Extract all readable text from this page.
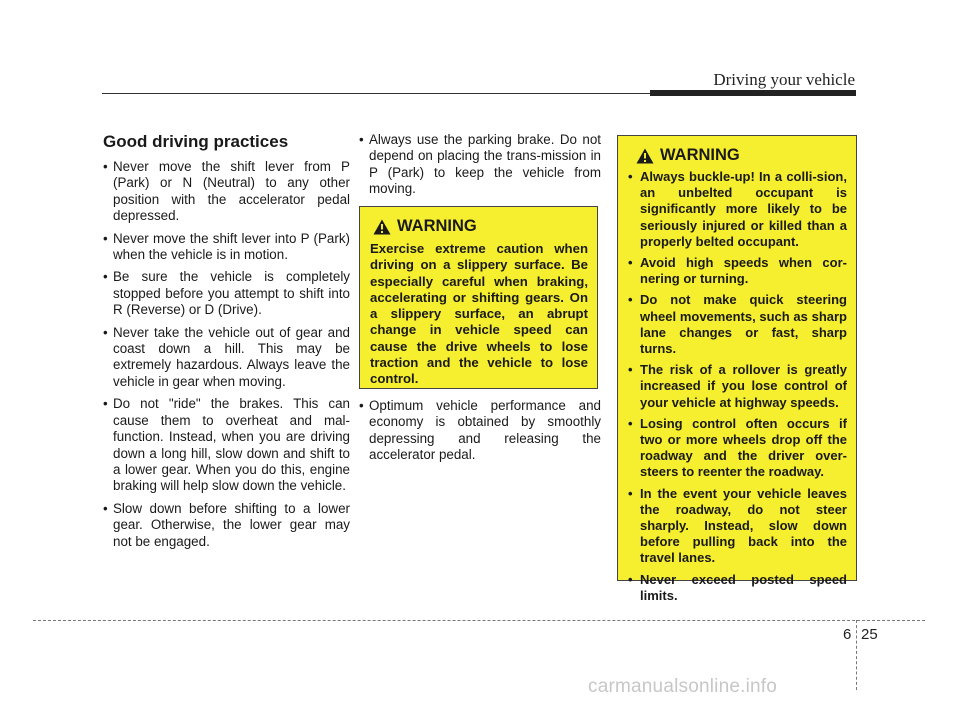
Driving your vehicle
Good driving practices
• Never move the shift lever from P (Park) or N (Neutral) to any other position with the accelerator pedal depressed.
• Never move the shift lever into P (Park) when the vehicle is in motion.
• Be sure the vehicle is completely stopped before you attempt to shift into R (Reverse) or D (Drive).
• Never take the vehicle out of gear and coast down a hill. This may be extremely hazardous. Always leave the vehicle in gear when moving.
• Do not "ride" the brakes. This can cause them to overheat and mal-function. Instead, when you are driving down a long hill, slow down and shift to a lower gear. When you do this, engine braking will help slow down the vehicle.
• Slow down before shifting to a lower gear. Otherwise, the lower gear may not be engaged.
• Always use the parking brake. Do not depend on placing the trans-mission in P (Park) to keep the vehicle from moving.
WARNING
Exercise extreme caution when driving on a slippery surface. Be especially careful when braking, accelerating or shifting gears. On a slippery surface, an abrupt change in vehicle speed can cause the drive wheels to lose traction and the vehicle to lose control.
• Optimum vehicle performance and economy is obtained by smoothly depressing and releasing the accelerator pedal.
WARNING
• Always buckle-up! In a colli-sion, an unbelted occupant is significantly more likely to be seriously injured or killed than a properly belted occupant.
• Avoid high speeds when cor-nering or turning.
• Do not make quick steering wheel movements, such as sharp lane changes or fast, sharp turns.
• The risk of a rollover is greatly increased if you lose control of your vehicle at highway speeds.
• Losing control often occurs if two or more wheels drop off the roadway and the driver over-steers to reenter the roadway.
• In the event your vehicle leaves the roadway, do not steer sharply. Instead, slow down before pulling back into the travel lanes.
• Never exceed posted speed limits.
6 25
carmanualsonline.info
